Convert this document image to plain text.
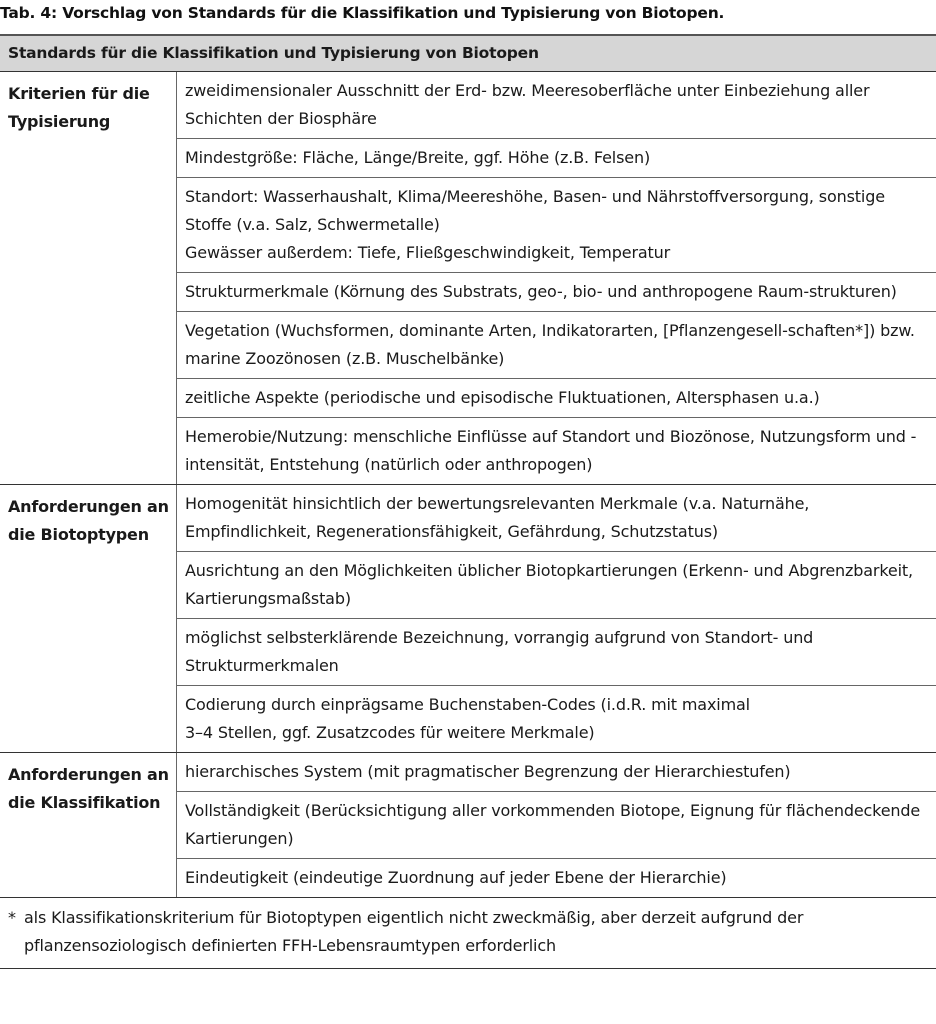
Tab. 4: Vorschlag von Standards für die Klassifikation und Typisierung von Biotopen.
Standards für die Klassifikation und Typisierung von Biotopen
Kriterien für die Typisierung
zweidimensionaler Ausschnitt der Erd- bzw. Meeresoberfläche unter Einbeziehung aller Schichten der Biosphäre
Mindestgröße: Fläche, Länge/Breite, ggf. Höhe (z.B. Felsen)
Standort: Wasserhaushalt, Klima/Meereshöhe, Basen- und Nährstoffversorgung, sonstige Stoffe (v.a. Salz, Schwermetalle)
Gewässer außerdem: Tiefe, Fließgeschwindigkeit, Temperatur
Strukturmerkmale (Körnung des Substrats, geo-, bio- und anthropogene Raum-strukturen)
Vegetation (Wuchsformen, dominante Arten, Indikatorarten, [Pflanzengesell-schaften*]) bzw. marine Zoozönosen (z.B. Muschelbänke)
zeitliche Aspekte (periodische und episodische Fluktuationen, Altersphasen u.a.)
Hemerobie/Nutzung: menschliche Einflüsse auf Standort und Biozönose, Nutzungsform und -intensität, Entstehung (natürlich oder anthropogen)
Anforderungen an die Biotoptypen
Homogenität hinsichtlich der bewertungsrelevanten Merkmale (v.a. Naturnähe, Empfindlichkeit, Regenerationsfähigkeit, Gefährdung, Schutzstatus)
Ausrichtung an den Möglichkeiten üblicher Biotopkartierungen (Erkenn- und Abgrenzbarkeit, Kartierungsmaßstab)
möglichst selbsterklärende Bezeichnung, vorrangig aufgrund von Standort- und Strukturmerkmalen
Codierung durch einprägsame Buchenstaben-Codes (i.d.R. mit maximal
3–4 Stellen, ggf. Zusatzcodes für weitere Merkmale)
Anforderungen an die Klassifikation
hierarchisches System (mit pragmatischer Begrenzung der Hierarchiestufen)
Vollständigkeit (Berücksichtigung aller vorkommenden Biotope, Eignung für flächendeckende Kartierungen)
Eindeutigkeit (eindeutige Zuordnung auf jeder Ebene der Hierarchie)
* als Klassifikationskriterium für Biotoptypen eigentlich nicht zweckmäßig, aber derzeit aufgrund der pflanzensoziologisch definierten FFH-Lebensraumtypen erforderlich
